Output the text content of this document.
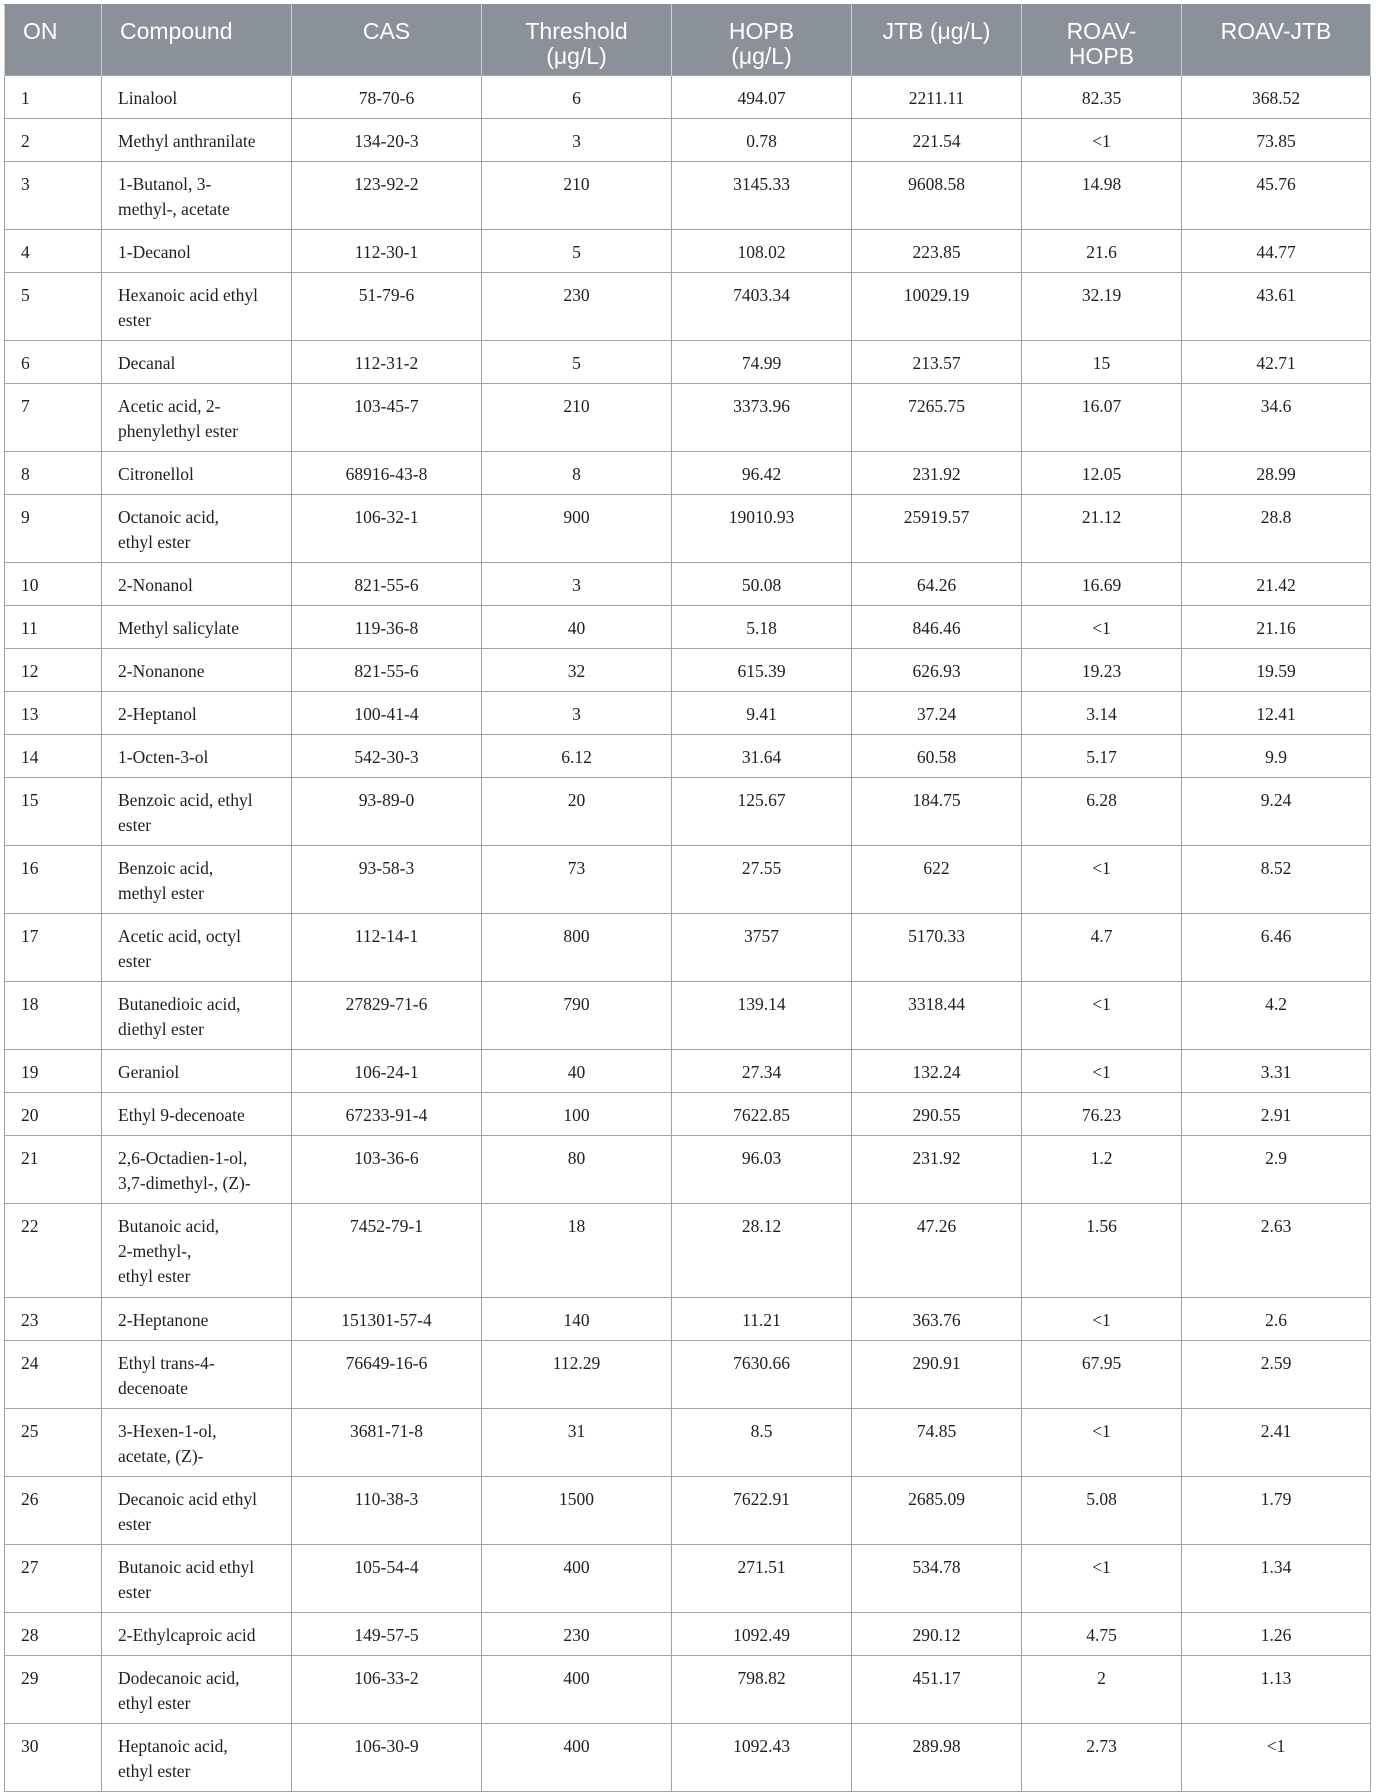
ON	Compound	CAS	Threshold (μg/L)	HOPB (μg/L)	JTB (μg/L)	ROAV-HOPB	ROAV-JTB
1	Linalool	78-70-6	6	494.07	2211.11	82.35	368.52
2	Methyl anthranilate	134-20-3	3	0.78	221.54	<1	73.85
3	1-Butanol, 3-methyl-, acetate	123-92-2	210	3145.33	9608.58	14.98	45.76
4	1-Decanol	112-30-1	5	108.02	223.85	21.6	44.77
5	Hexanoic acid ethyl ester	51-79-6	230	7403.34	10029.19	32.19	43.61
6	Decanal	112-31-2	5	74.99	213.57	15	42.71
7	Acetic acid, 2-phenylethyl ester	103-45-7	210	3373.96	7265.75	16.07	34.6
8	Citronellol	68916-43-8	8	96.42	231.92	12.05	28.99
9	Octanoic acid, ethyl ester	106-32-1	900	19010.93	25919.57	21.12	28.8
10	2-Nonanol	821-55-6	3	50.08	64.26	16.69	21.42
11	Methyl salicylate	119-36-8	40	5.18	846.46	<1	21.16
12	2-Nonanone	821-55-6	32	615.39	626.93	19.23	19.59
13	2-Heptanol	100-41-4	3	9.41	37.24	3.14	12.41
14	1-Octen-3-ol	542-30-3	6.12	31.64	60.58	5.17	9.9
15	Benzoic acid, ethyl ester	93-89-0	20	125.67	184.75	6.28	9.24
16	Benzoic acid, methyl ester	93-58-3	73	27.55	622	<1	8.52
17	Acetic acid, octyl ester	112-14-1	800	3757	5170.33	4.7	6.46
18	Butanedioic acid, diethyl ester	27829-71-6	790	139.14	3318.44	<1	4.2
19	Geraniol	106-24-1	40	27.34	132.24	<1	3.31
20	Ethyl 9-decenoate	67233-91-4	100	7622.85	290.55	76.23	2.91
21	2,6-Octadien-1-ol, 3,7-dimethyl-, (Z)-	103-36-6	80	96.03	231.92	1.2	2.9
22	Butanoic acid, 2-methyl-, ethyl ester	7452-79-1	18	28.12	47.26	1.56	2.63
23	2-Heptanone	151301-57-4	140	11.21	363.76	<1	2.6
24	Ethyl trans-4-decenoate	76649-16-6	112.29	7630.66	290.91	67.95	2.59
25	3-Hexen-1-ol, acetate, (Z)-	3681-71-8	31	8.5	74.85	<1	2.41
26	Decanoic acid ethyl ester	110-38-3	1500	7622.91	2685.09	5.08	1.79
27	Butanoic acid ethyl ester	105-54-4	400	271.51	534.78	<1	1.34
28	2-Ethylcaproic acid	149-57-5	230	1092.49	290.12	4.75	1.26
29	Dodecanoic acid, ethyl ester	106-33-2	400	798.82	451.17	2	1.13
30	Heptanoic acid, ethyl ester	106-30-9	400	1092.43	289.98	2.73	<1
